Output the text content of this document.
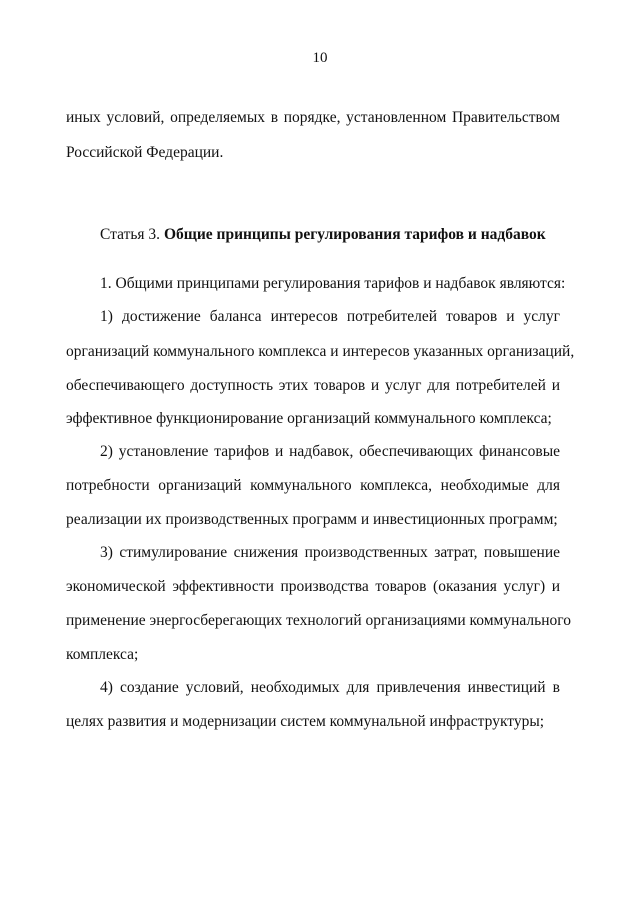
10
иных условий, определяемых в порядке, установленном Правительством
Российской Федерации.
Статья 3. Общие принципы регулирования тарифов и надбавок
1. Общими принципами регулирования тарифов и надбавок являются:
1) достижение баланса интересов потребителей товаров и услуг
организаций коммунального комплекса и интересов указанных организаций,
обеспечивающего доступность этих товаров и услуг для потребителей и
эффективное функционирование организаций коммунального комплекса;
2) установление тарифов и надбавок, обеспечивающих финансовые
потребности организаций коммунального комплекса, необходимые для
реализации их производственных программ и инвестиционных программ;
3) стимулирование снижения производственных затрат, повышение
экономической эффективности производства товаров (оказания услуг) и
применение энергосберегающих технологий организациями коммунального
комплекса;
4) создание условий, необходимых для привлечения инвестиций в
целях развития и модернизации систем коммунальной инфраструктуры;
